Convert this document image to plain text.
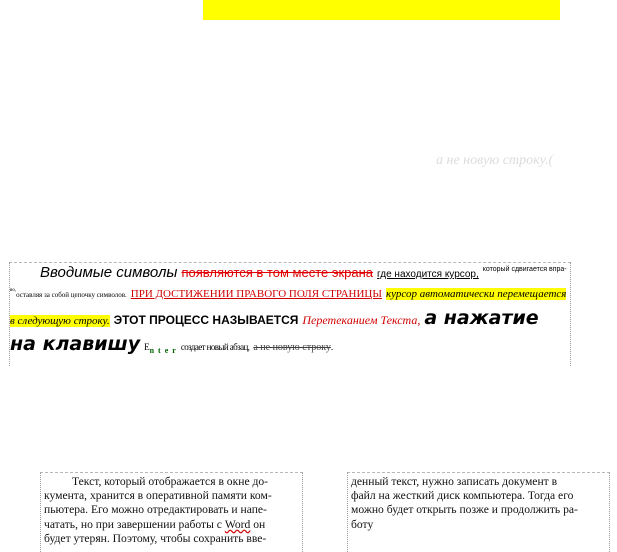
а не новую строку.(
Вводимые символы появляются в том месте экрана где находится курсор, $^{который сдвигается впра-}$
$^{во,}$оставляя за собой цепочку символов. ПРИ ДОСТИЖЕНИИ ПРАВОГО ПОЛЯ СТРАНИЦЫ курсор автоматически перемещается
в следующую строку. ЭТОТ ПРОЦЕСС НАЗЫВАЕТСЯ Перетеканием Текста, а нажатие
на клавишу En t e r создает новый абзац, а не новую строку.
Текст, который отображается в окне до-
кумента, хранится в оперативной памяти ком-
пьютера. Его можно отредактировать и напе-
чатать, но при завершении работы с Word он
будет утерян. Поэтому, чтобы сохранить вве-
денный текст, нужно записать документ в
файл на жесткий диск компьютера. Тогда его
можно будет открыть позже и продолжить ра-
боту
